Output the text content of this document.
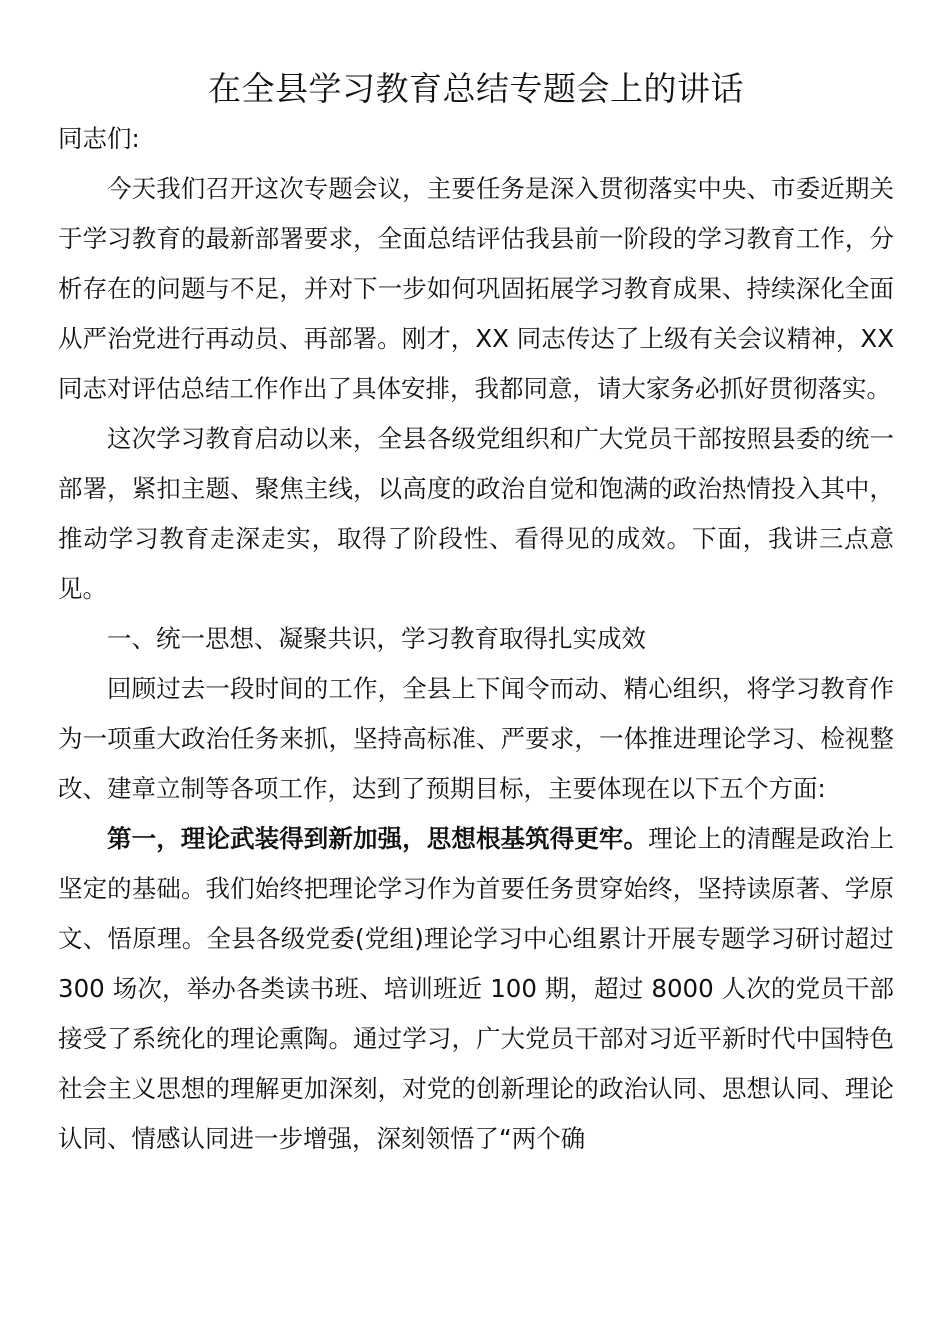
在全县学习教育总结专题会上的讲话

同志们:

今天我们召开这次专题会议，主要任务是深入贯彻落实中央、市委近期关于学习教育的最新部署要求，全面总结评估我县前一阶段的学习教育工作，分析存在的问题与不足，并对下一步如何巩固拓展学习教育成果、持续深化全面从严治党进行再动员、再部署。刚才，XX 同志传达了上级有关会议精神，XX 同志对评估总结工作作出了具体安排，我都同意，请大家务必抓好贯彻落实。

这次学习教育启动以来，全县各级党组织和广大党员干部按照县委的统一部署，紧扣主题、聚焦主线，以高度的政治自觉和饱满的政治热情投入其中，推动学习教育走深走实，取得了阶段性、看得见的成效。下面，我讲三点意见。

一、统一思想、凝聚共识，学习教育取得扎实成效

回顾过去一段时间的工作，全县上下闻令而动、精心组织，将学习教育作为一项重大政治任务来抓，坚持高标准、严要求，一体推进理论学习、检视整改、建章立制等各项工作，达到了预期目标，主要体现在以下五个方面:

第一，理论武装得到新加强，思想根基筑得更牢。理论上的清醒是政治上坚定的基础。我们始终把理论学习作为首要任务贯穿始终，坚持读原著、学原文、悟原理。全县各级党委(党组)理论学习中心组累计开展专题学习研讨超过 300 场次，举办各类读书班、培训班近 100 期，超过 8000 人次的党员干部接受了系统化的理论熏陶。通过学习，广大党员干部对习近平新时代中国特色社会主义思想的理解更加深刻，对党的创新理论的政治认同、思想认同、理论认同、情感认同进一步增强，深刻领悟了“两个确
